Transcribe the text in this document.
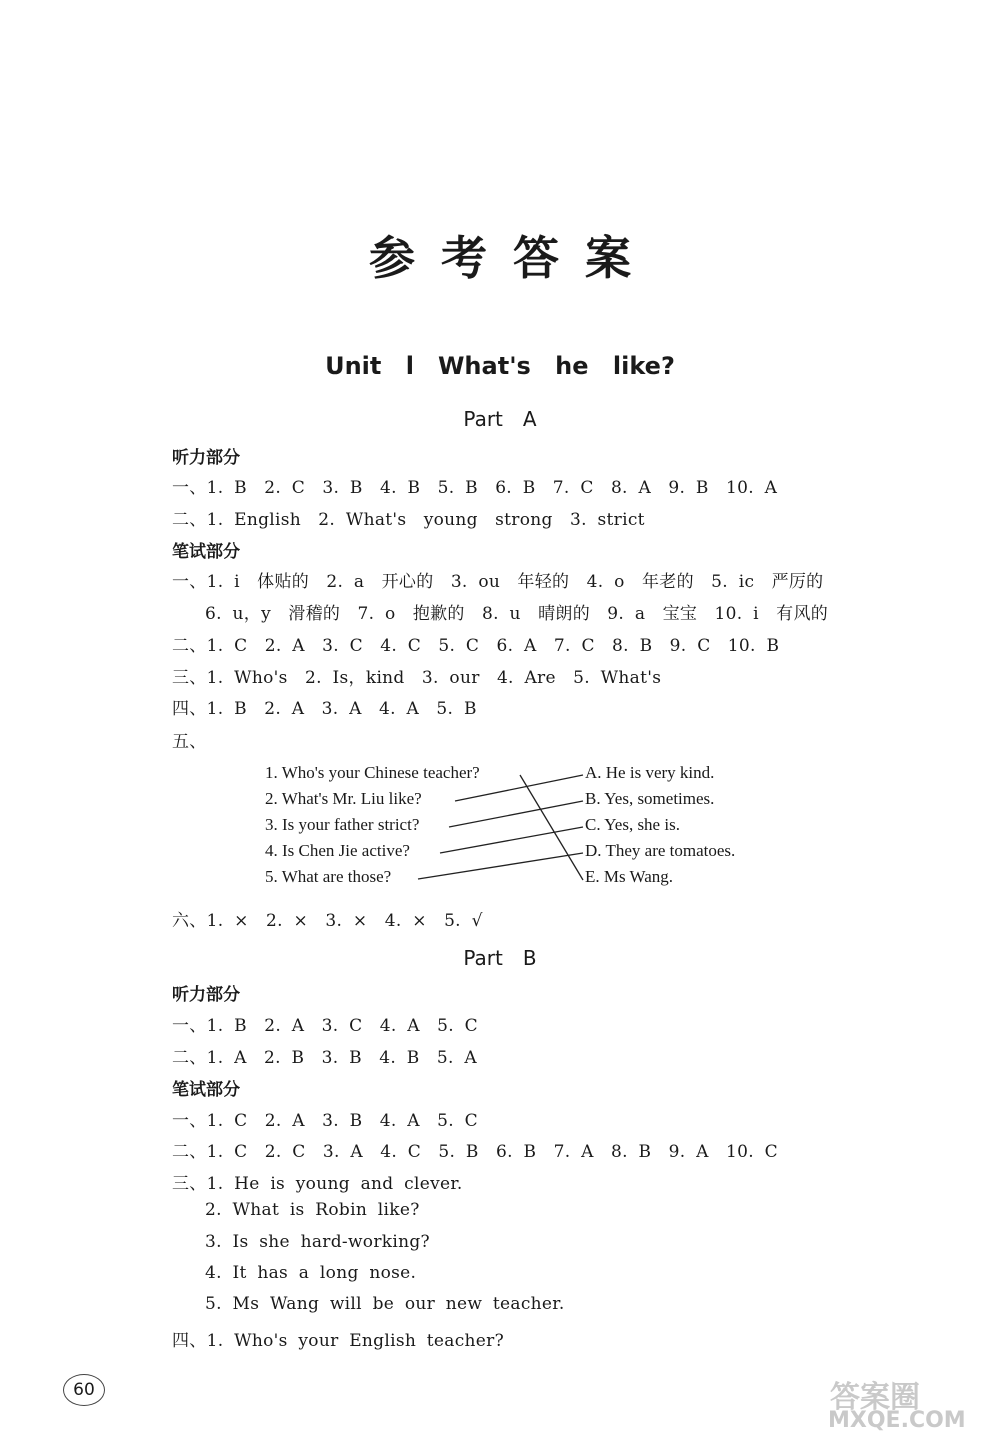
参考答案
Unit l　What's he like?
Part　A
听力部分
一、1. B　2. C　3. B　4. B　5. B　6. B　7. C　8. A　9. B　10. A
二、1. English　2. What's　young　strong　3. strict
笔试部分
一、1. i　体贴的　2. a　开心的　3. ou　年轻的　4. o　年老的　5. ic　严厉的
6. u，y　滑稽的　7. o　抱歉的　8. u　晴朗的　9. a　宝宝　10. i　有风的
二、1. C　2. A　3. C　4. C　5. C　6. A　7. C　8. B　9. C　10. B
三、1. Who's　2. Is，kind　3. our　4. Are　5. What's
四、1. B　2. A　3. A　4. A　5. B
五、
1. Who's your Chinese teacher?
2. What's Mr. Liu like?
3. Is your father strict?
4. Is Chen Jie active?
5. What are those?
A. He is very kind.
B. Yes, sometimes.
C. Yes, she is.
D. They are tomatoes.
E. Ms Wang.
六、1. ×　2. ×　3. ×　4. ×　5. √
Part　B
听力部分
一、1. B　2. A　3. C　4. A　5. C
二、1. A　2. B　3. B　4. B　5. A
笔试部分
一、1. C　2. A　3. B　4. A　5. C
二、1. C　2. C　3. A　4. C　5. B　6. B　7. A　8. B　9. A　10. C
三、1. He is young and clever.
2. What is Robin like?
3. Is she hard-working?
4. It has a long nose.
5. Ms Wang will be our new teacher.
四、1. Who's your English teacher?
60	答案圈
MXQE.COM
